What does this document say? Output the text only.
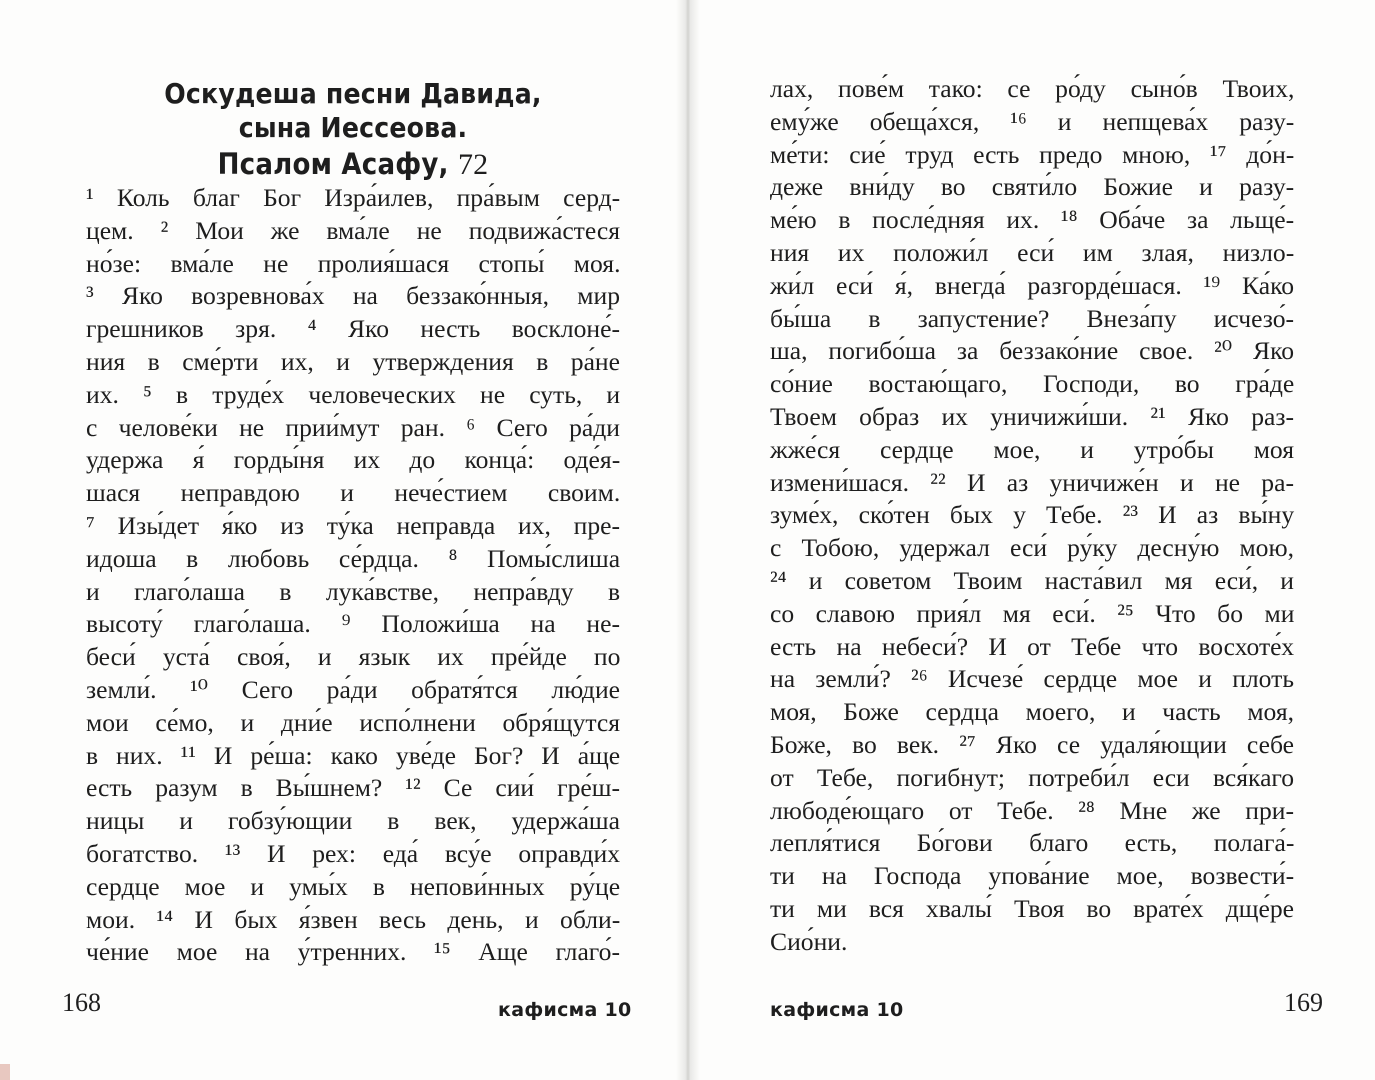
Оскудеша песни Давида,
сына Иессеова.
Псалом Асафу, 72
¹ Коль благ Бог Изра́илев, пра́вым серд-
цем. ² Мои же вма́ле не подвижа́стеся
но́зе: вма́ле не пролия́шася стопы́ моя.
³ Яко возревнова́х на беззако́нныя, мир
грешников зря. ⁴ Яко несть восклоне́-
ния в сме́рти их, и утверждения в ра́не
их. ⁵ в труде́х человеческих не суть, и
с челове́ки не прии́мут ран. ⁶ Сего ра́ди
удержа я́ горды́ня их до конца́: оде́я-
шася неправдою и нече́стием своим.
⁷ Изы́дет я́ко из ту́ка неправда их, пре-
идоша в любовь се́рдца. ⁸ Помы́слиша
и глаго́лаша в лука́встве, непра́вду в
высоту́ глаго́лаша. ⁹ Положи́ша на не-
беси́ уста́ своя́, и язык их пре́йде по
земли́. ¹⁰ Сего ра́ди обратя́тся лю́дие
мои се́мо, и дни́е испо́лнени обря́щутся
в них. ¹¹ И ре́ша: како уве́де Бог? И а́ще
есть разум в Вы́шнем? ¹² Се сии́ гре́ш-
ницы и гобзу́ющии в век, удержа́ша
богатство. ¹³ И рех: еда́ всу́е оправди́х
сердце мое и умы́х в непови́нных ру́це
мои. ¹⁴ И бых я́звен весь день, и обли-
че́ние мое на у́тренних. ¹⁵ Аще глаго́-
лах, пове́м тако: се ро́ду сыно́в Твоих,
ему́же обеща́хся, ¹⁶ и непщева́х разу-
ме́ти: сие́ труд есть предо мною, ¹⁷ до́н-
деже вни́ду во святи́ло Божие и разу-
ме́ю в после́дняя их. ¹⁸ Оба́че за льще́-
ния их положи́л еси́ им злая, низло-
жи́л еси́ я́, внегда́ разгорде́шася. ¹⁹ Ка́ко
бы́ша в запустение? Внеза́пу исчезо́-
ша, погибо́ша за беззако́ние свое. ²⁰ Яко
со́ние востаю́щаго, Господи, во гра́де
Твоем образ их уничижи́ши. ²¹ Яко раз-
жже́ся сердце мое, и утро́бы моя
измени́шася. ²² И аз уничиже́н и не ра-
зуме́х, ско́тен бых у Тебе. ²³ И аз вы́ну
с Тобою, удержал еси́ ру́ку десну́ю мою,
²⁴ и советом Твоим наста́вил мя еси́, и
со славою прия́л мя еси́. ²⁵ Что бо ми
есть на небеси́? И от Тебе что восхоте́х
на земли́? ²⁶ Исчезе́ сердце мое и плоть
моя, Боже сердца моего, и часть моя,
Боже, во век. ²⁷ Яко се удаля́ющии себе
от Тебе, погибнут; потреби́л еси вся́каго
любоде́ющаго от Тебе. ²⁸ Мне же при-
лепля́тися Бо́гови благо есть, полага́-
ти на Господа упова́ние мое, возвести́-
ти ми вся хвалы́ Твоя во врате́х дще́ре
Сио́ни.
168	кафисма 10	кафисма 10	169
